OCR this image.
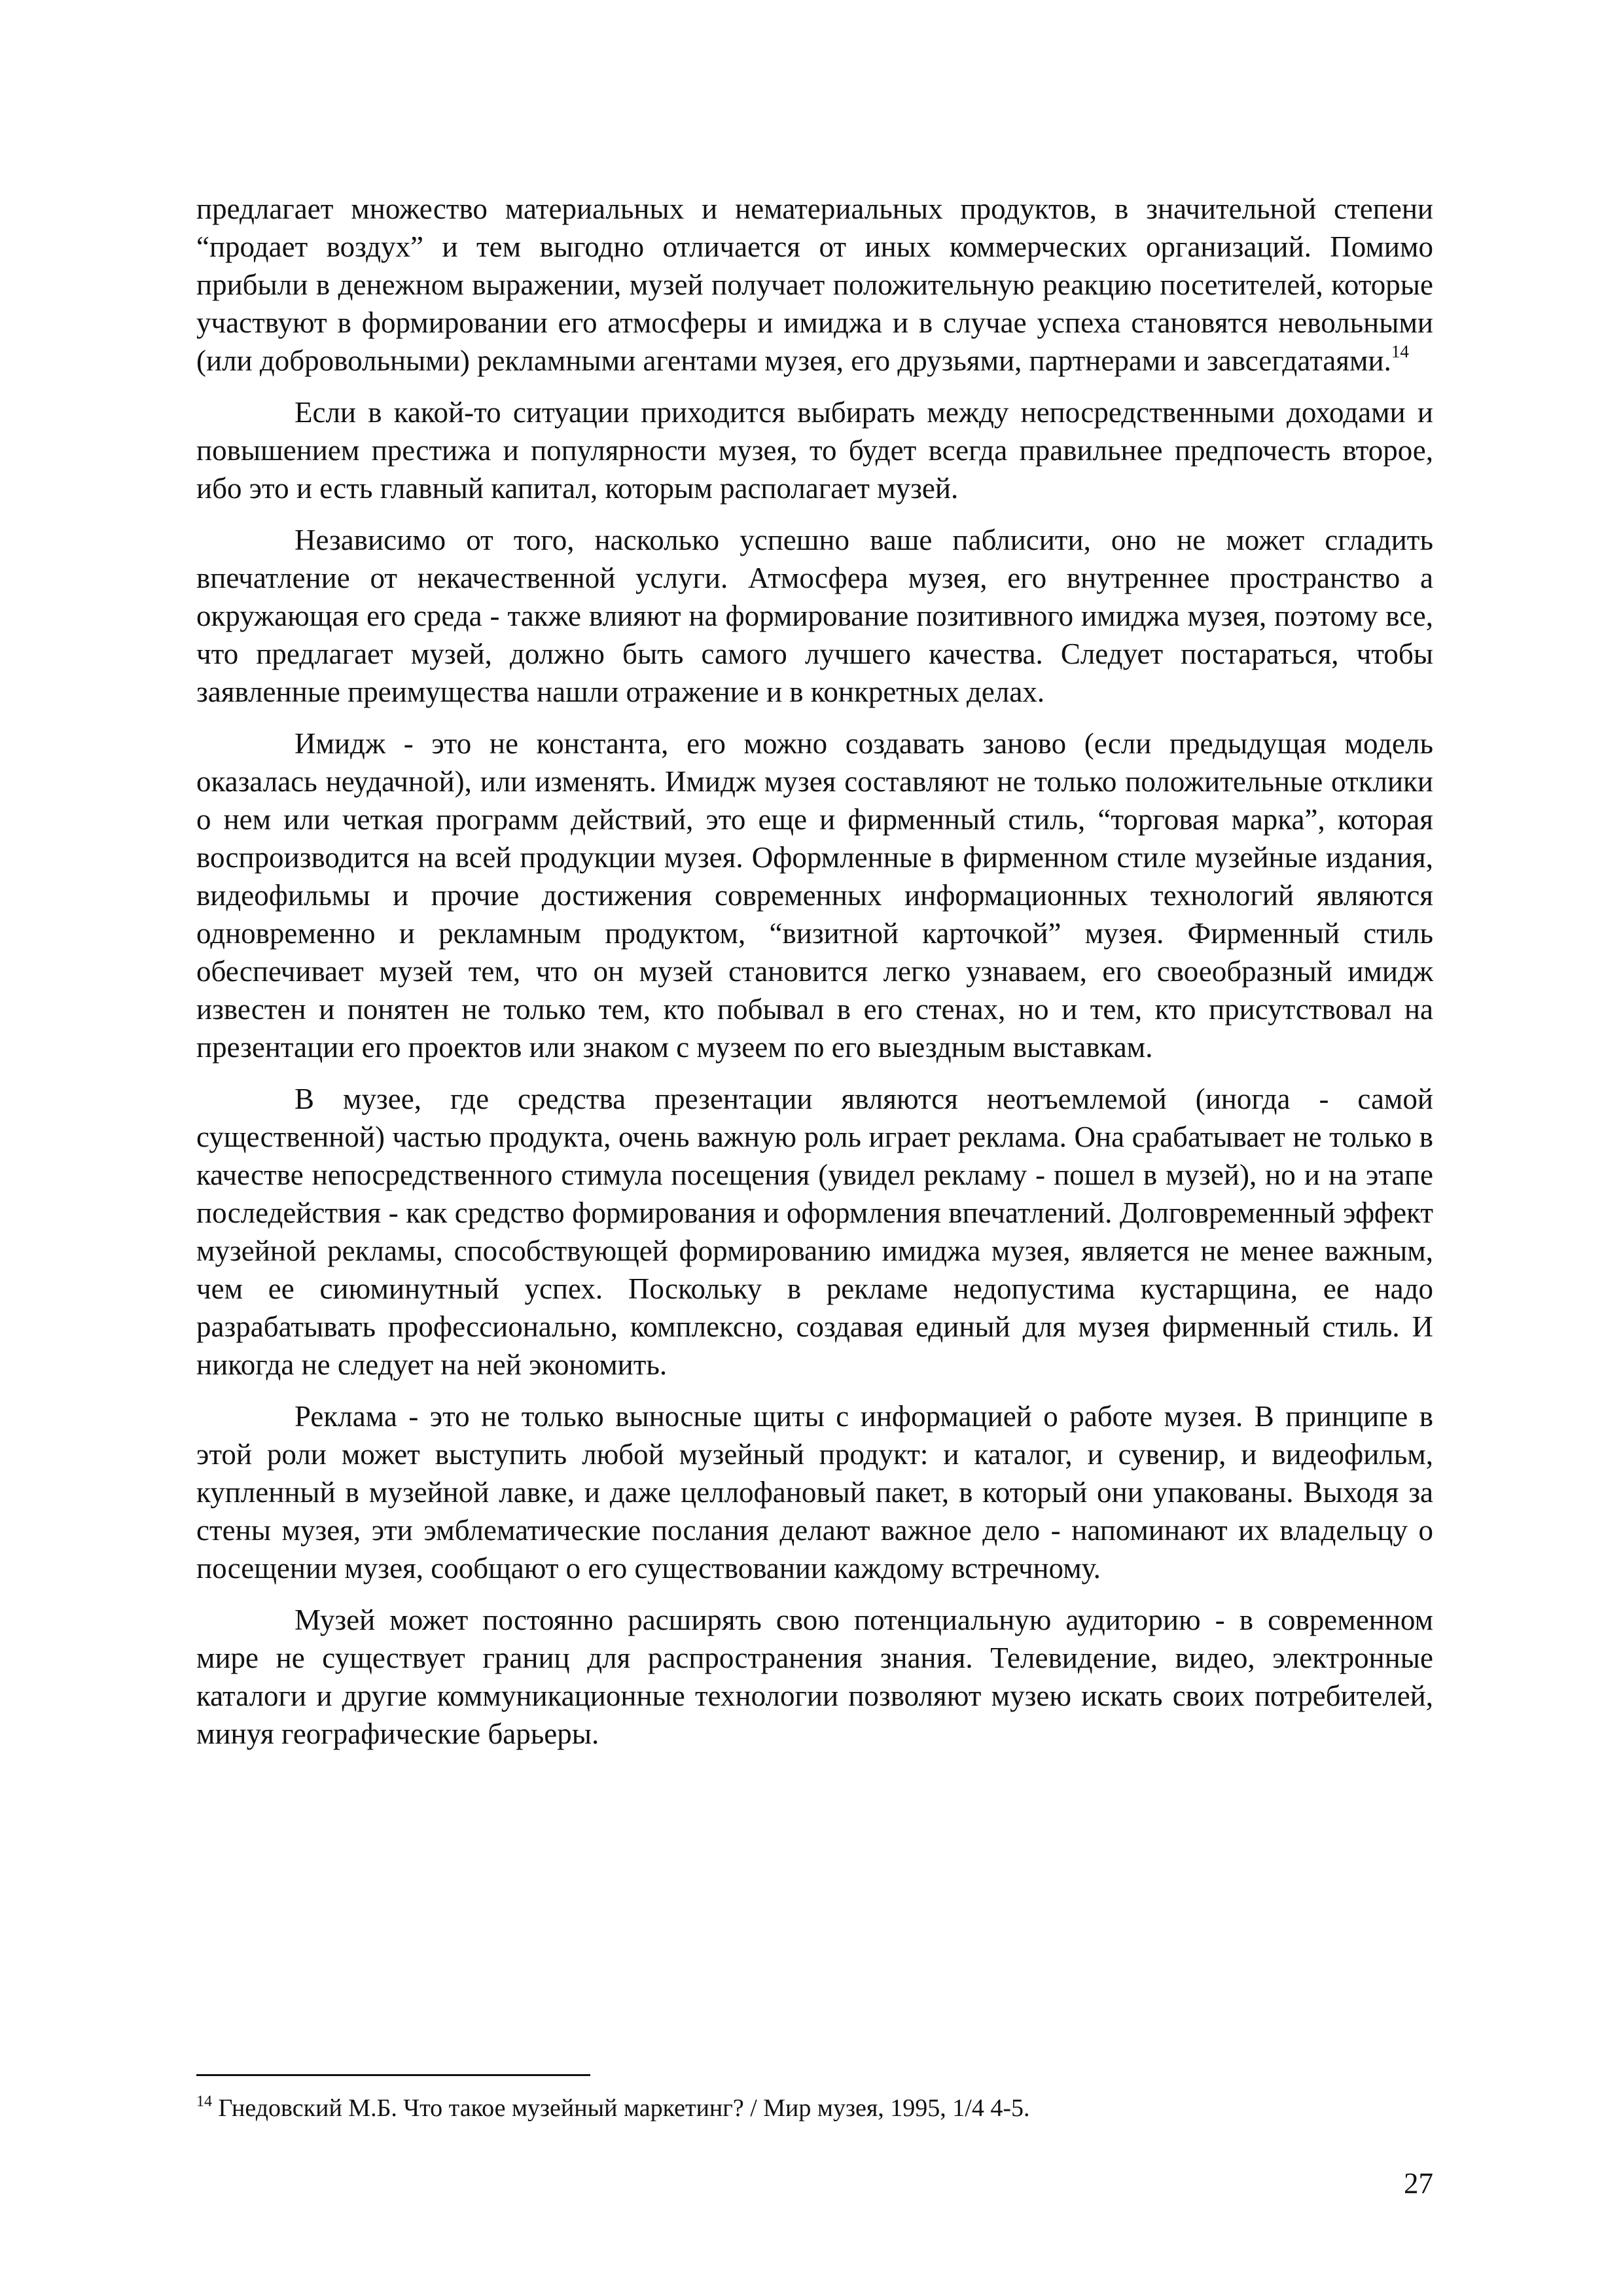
предлагает множество материальных и нематериальных продуктов, в значительной степени “продает воздух” и тем выгодно отличается от иных коммерческих организаций. Помимо прибыли в денежном выражении, музей получает положительную реакцию посетителей, которые участвуют в формировании его атмосферы и имиджа и в случае успеха становятся невольными (или добровольными) рекламными агентами музея, его друзьями, партнерами и завсегдатаями.$^{14}$

Если в какой-то ситуации приходится выбирать между непосредственными доходами и повышением престижа и популярности музея, то будет всегда правильнее предпочесть второе, ибо это и есть главный капитал, которым располагает музей.

Независимо от того, насколько успешно ваше паблисити, оно не может сгладить впечатление от некачественной услуги. Атмосфера музея, его внутреннее пространство а окружающая его среда - также влияют на формирование позитивного имиджа музея, поэтому все, что предлагает музей, должно быть самого лучшего качества. Следует постараться, чтобы заявленные преимущества нашли отражение и в конкретных делах.

Имидж - это не константа, его можно создавать заново (если предыдущая модель оказалась неудачной), или изменять. Имидж музея составляют не только положительные отклики о нем или четкая программ действий, это еще и фирменный стиль, “торговая марка”, которая воспроизводится на всей продукции музея. Оформленные в фирменном стиле музейные издания, видеофильмы и прочие достижения современных информационных технологий являются одновременно и рекламным продуктом, “визитной карточкой” музея. Фирменный стиль обеспечивает музей тем, что он музей становится легко узнаваем, его своеобразный имидж известен и понятен не только тем, кто побывал в его стенах, но и тем, кто присутствовал на презентации его проектов или знаком с музеем по его выездным выставкам.

В музее, где средства презентации являются неотъемлемой (иногда - самой существенной) частью продукта, очень важную роль играет реклама. Она срабатывает не только в качестве непосредственного стимула посещения (увидел рекламу - пошел в музей), но и на этапе последействия - как средство формирования и оформления впечатлений. Долговременный эффект музейной рекламы, способствующей формированию имиджа музея, является не менее важным, чем ее сиюминутный успех. Поскольку в рекламе недопустима кустарщина, ее надо разрабатывать профессионально, комплексно, создавая единый для музея фирменный стиль. И никогда не следует на ней экономить.

Реклама - это не только выносные щиты с информацией о работе музея. В принципе в этой роли может выступить любой музейный продукт: и каталог, и сувенир, и видеофильм, купленный в музейной лавке, и даже целлофановый пакет, в который они упакованы. Выходя за стены музея, эти эмблематические послания делают важное дело - напоминают их владельцу о посещении музея, сообщают о его существовании каждому встречному.

Музей может постоянно расширять свою потенциальную аудиторию - в современном мире не существует границ для распространения знания. Телевидение, видео, электронные каталоги и другие коммуникационные технологии позволяют музею искать своих потребителей, минуя географические барьеры.

$^{14}$ Гнедовский М.Б. Что такое музейный маркетинг? / Мир музея, 1995, 1/4 4-5.

27
